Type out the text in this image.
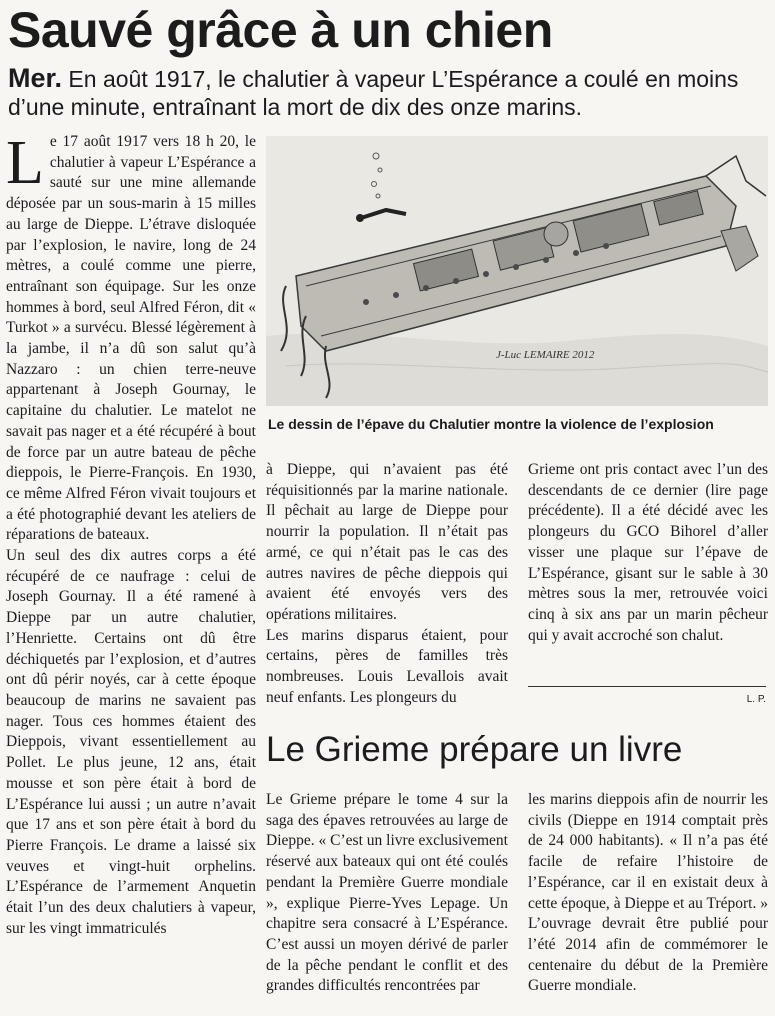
Sauvé grâce à un chien

Mer. En août 1917, le chalutier à vapeur L’Espérance a coulé en moins d’une minute, entraînant la mort de dix des onze marins.

L e 17 août 1917 vers 18 h 20, le chalutier à vapeur L’Espérance a sauté sur une mine allemande déposée par un sous-marin à 15 milles au large de Dieppe. L’étrave disloquée par l’explosion, le navire, long de 24 mètres, a coulé comme une pierre, entraînant son équipage. Sur les onze hommes à bord, seul Alfred Féron, dit « Turkot » a survécu. Blessé légèrement à la jambe, il n’a dû son salut qu’à Nazzaro : un chien terre-neuve appartenant à Joseph Gournay, le capitaine du chalutier. Le matelot ne savait pas nager et a été récupéré à bout de force par un autre bateau de pêche dieppois, le Pierre-François. En 1930, ce même Alfred Féron vivait toujours et a été photographié devant les ateliers de réparations de bateaux.

Un seul des dix autres corps a été récupéré de ce naufrage : celui de Joseph Gournay. Il a été ramené à Dieppe par un autre chalutier, l’Henriette. Certains ont dû être déchiquetés par l’explosion, et d’autres ont dû périr noyés, car à cette époque beaucoup de marins ne savaient pas nager. Tous ces hommes étaient des Dieppois, vivant essentiellement au Pollet. Le plus jeune, 12 ans, était mousse et son père était à bord de L’Espérance lui aussi ; un autre n’avait que 17 ans et son père était à bord du Pierre François. Le drame a laissé six veuves et vingt-huit orphelins. L’Espérance de l’armement Anquetin était l’un des deux chalutiers à vapeur, sur les vingt immatriculés

J-Luc LEMAIRE 2012

Le dessin de l’épave du Chalutier montre la violence de l’explosion

à Dieppe, qui n’avaient pas été réquisitionnés par la marine nationale. Il pêchait au large de Dieppe pour nourrir la population. Il n’était pas armé, ce qui n’était pas le cas des autres navires de pêche dieppois qui avaient été envoyés vers des opérations militaires.

Les marins disparus étaient, pour certains, pères de familles très nombreuses. Louis Levallois avait neuf enfants. Les plongeurs du

Grieme ont pris contact avec l’un des descendants de ce dernier (lire page précédente). Il a été décidé avec les plongeurs du GCO Bihorel d’aller visser une plaque sur l’épave de L’Espérance, gisant sur le sable à 30 mètres sous la mer, retrouvée voici cinq à six ans par un marin pêcheur qui y avait accroché son chalut.

L. P.

Le Grieme prépare un livre

Le Grieme prépare le tome 4 sur la saga des épaves retrouvées au large de Dieppe. « C’est un livre exclusivement réservé aux bateaux qui ont été coulés pendant la Première Guerre mondiale », explique Pierre-Yves Lepage. Un chapitre sera consacré à L’Espérance. C’est aussi un moyen dérivé de parler de la pêche pendant le conflit et des grandes difficultés rencontrées par

les marins dieppois afin de nourrir les civils (Dieppe en 1914 comptait près de 24 000 habitants). « Il n’a pas été facile de refaire l’histoire de l’Espérance, car il en existait deux à cette époque, à Dieppe et au Tréport. » L’ouvrage devrait être publié pour l’été 2014 afin de commémorer le centenaire du début de la Première Guerre mondiale.
